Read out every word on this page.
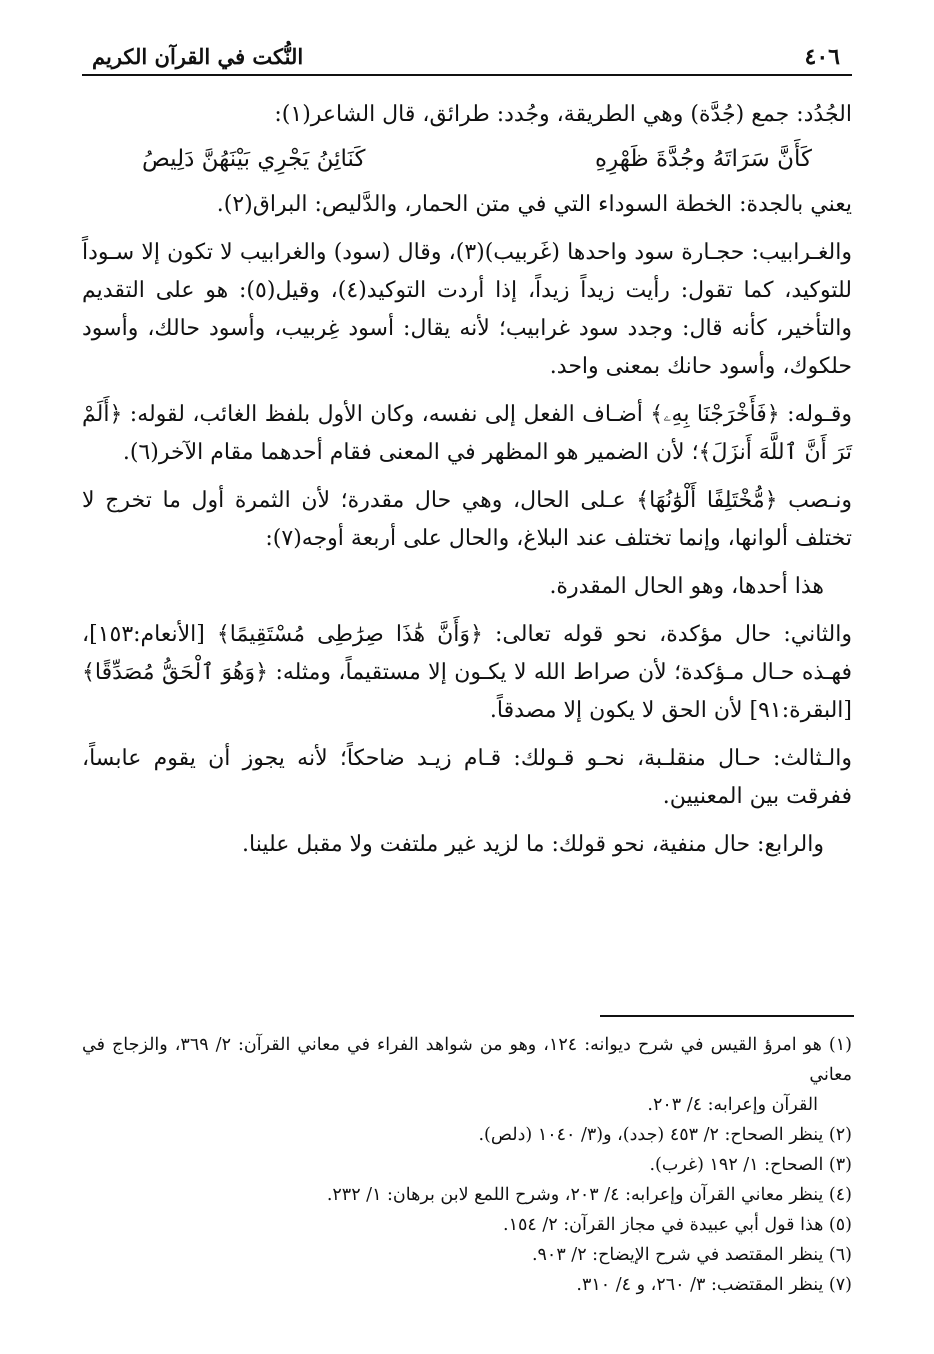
٤٠٦
النُّكت في القرآن الكريم

الجُدُد: جمع (جُدَّة) وهي الطريقة، وجُدد: طرائق، قال الشاعر(١):

كَأَنَّ سَرَاتَهُ وجُدَّةَ ظَهْرِهِ
كَنَائِنُ يَجْرِي بَيْنَهُنَّ دَلِيصُ

يعني بالجدة: الخطة السوداء التي في متن الحمار، والدَّليص: البراق(٢).

والغـرابيب: حجـارة سود واحدها (غَربيب)(٣)، وقال (سود) والغرابيب لا تكون إلا سـوداً للتوكيد، كما تقول: رأيت زيداً زيداً، إذا أردت التوكيد(٤)، وقيل(٥): هو على التقديم والتأخير، كأنه قال: وجدد سود غرابيب؛ لأنه يقال: أسود غِربيب، وأسود حالك، وأسود حلكوك، وأسود حانك بمعنى واحد.

وقـوله: ﴿فَأَخْرَجْنَا بِهِۦ﴾ أضـاف الفعل إلى نفسه، وكان الأول بلفظ الغائب، لقوله: ﴿أَلَمْ تَرَ أَنَّ ٱللَّهَ أَنزَلَ﴾؛ لأن الضمير هو المظهر في المعنى فقام أحدهما مقام الآخر(٦).

ونـصب ﴿مُّخْتَلِفًا أَلْوَٰنُهَا﴾ عـلى الحال، وهي حال مقدرة؛ لأن الثمرة أول ما تخرج لا تختلف ألوانها، وإنما تختلف عند البلاغ، والحال على أربعة أوجه(٧):

هذا أحدها، وهو الحال المقدرة.

والثاني: حال مؤكدة، نحو قوله تعالى: ﴿وَأَنَّ هَٰذَا صِرَٰطِى مُسْتَقِيمًا﴾ [الأنعام:١٥٣]، فهـذه حـال مـؤكدة؛ لأن صراط الله لا يكـون إلا مستقيماً، ومثله: ﴿وَهُوَ ٱلْحَقُّ مُصَدِّقًا﴾ [البقرة:٩١] لأن الحق لا يكون إلا مصدقاً.

والـثالث: حـال منقلـبة، نحـو قـولك: قـام زيـد ضاحكاً؛ لأنه يجوز أن يقوم عابساً، ففرقت بين المعنيين.

والرابع: حال منفية، نحو قولك: ما لزيد غير ملتفت ولا مقبل علينا.

(١) هو امرؤ القيس في شرح ديوانه: ١٢٤، وهو من شواهد الفراء في معاني القرآن: ٢/ ٣٦٩، والزجاج في معاني

القرآن وإعرابه: ٤/ ٢٠٣.

(٢) ينظر الصحاح: ٢/ ٤٥٣ (جدد)، و(٣/ ١٠٤٠ (دلص).

(٣) الصحاح: ١/ ١٩٢ (غرب).

(٤) ينظر معاني القرآن وإعرابه: ٤/ ٢٠٣، وشرح اللمع لابن برهان: ١/ ٢٣٢.

(٥) هذا قول أبي عبيدة في مجاز القرآن: ٢/ ١٥٤.

(٦) ينظر المقتصد في شرح الإيضاح: ٢/ ٩٠٣.

(٧) ينظر المقتضب: ٣/ ٢٦٠، و ٤/ ٣١٠.
